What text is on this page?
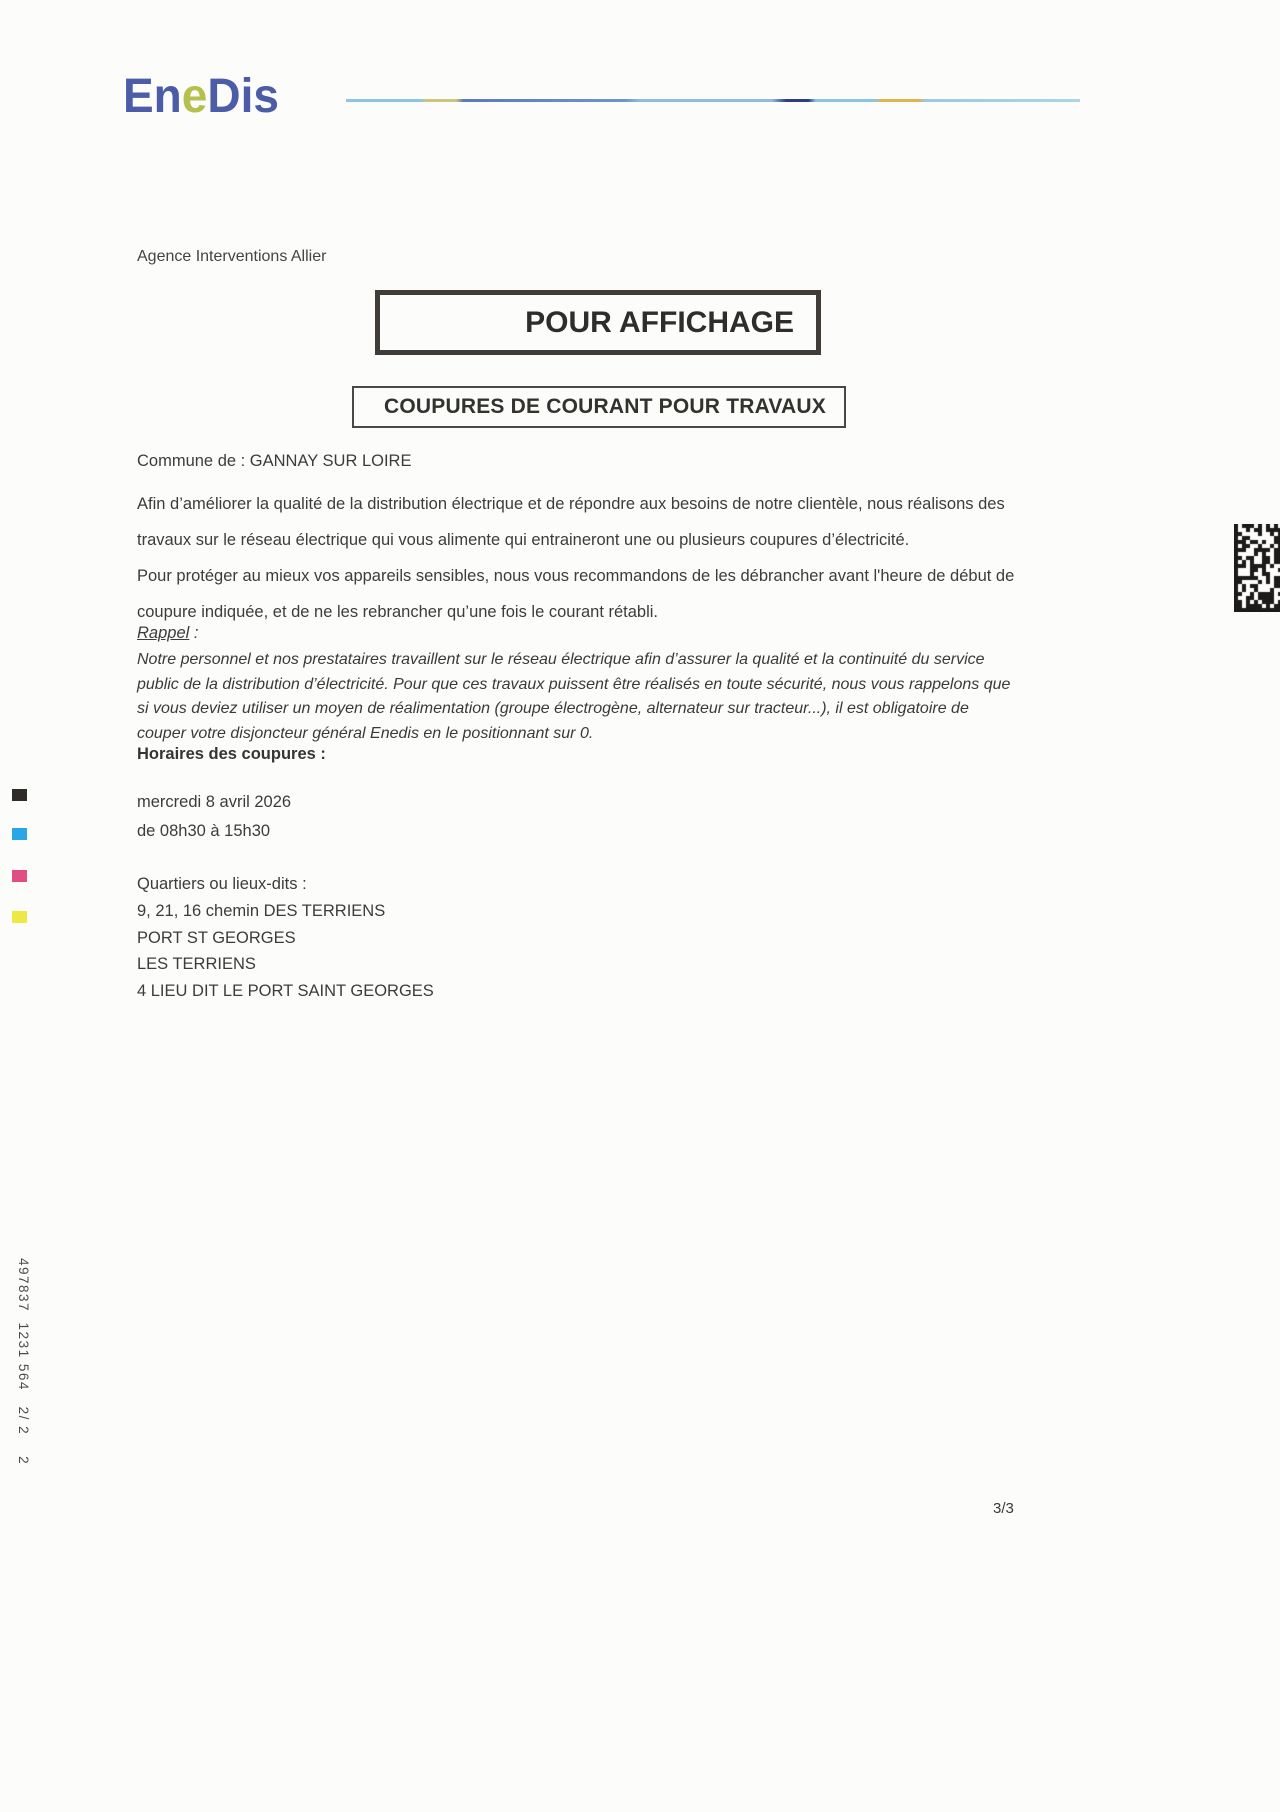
EneDis
Agence Interventions Allier
POUR AFFICHAGE
COUPURES DE COURANT POUR TRAVAUX
Commune de : GANNAY SUR LOIRE
Afin d’améliorer la qualité de la distribution électrique et de répondre aux besoins de notre clientèle, nous réalisons des travaux sur le réseau électrique qui vous alimente qui entraineront une ou plusieurs coupures d’électricité.
Pour protéger au mieux vos appareils sensibles, nous vous recommandons de les débrancher avant l'heure de début de coupure indiquée, et de ne les rebrancher qu’une fois le courant rétabli.
Rappel :
Notre personnel et nos prestataires travaillent sur le réseau électrique afin d’assurer la qualité et la continuité du service public de la distribution d’électricité. Pour que ces travaux puissent être réalisés en toute sécurité, nous vous rappelons que si vous deviez utiliser un moyen de réalimentation (groupe électrogène, alternateur sur tracteur...), il est obligatoire de couper votre disjoncteur général Enedis en le positionnant sur 0.
Horaires des coupures :
mercredi 8 avril 2026
de 08h30 à 15h30
Quartiers ou lieux-dits :
9, 21, 16 chemin DES TERRIENS
PORT ST GEORGES
LES TERRIENS
4 LIEU DIT LE PORT SAINT GEORGES
497837  1231 564   2/ 2    2
3/3
